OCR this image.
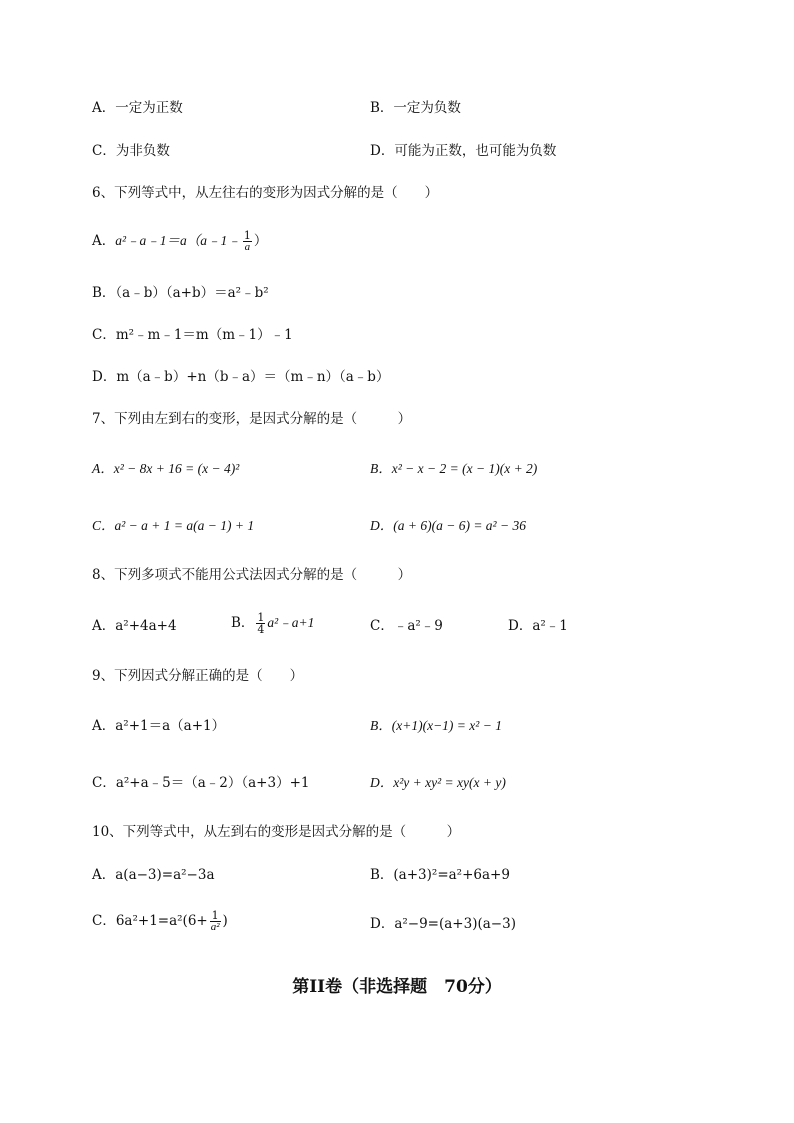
A．一定为正数	B．一定为负数
C．为非负数	D．可能为正数，也可能为负数
6、下列等式中，从左往右的变形为因式分解的是（　　）
A．a²﹣a﹣1＝a（a﹣1﹣ $\frac{1}{a}$ ）
B．（a﹣b）（a+b）＝a²﹣b²
C．m²﹣m﹣1＝m（m﹣1）﹣1
D．m（a﹣b）+n（b﹣a）＝（m﹣n）（a﹣b）
7、下列由左到右的变形，是因式分解的是（　　　）
A．x² − 8x + 16 = (x − 4)²	B．x² − x − 2 = (x − 1)(x + 2)
C．a² − a + 1 = a(a − 1) + 1	D．(a + 6)(a − 6) = a² − 36
8、下列多项式不能用公式法因式分解的是（　　　）
A．a²+4a+4	B． $\frac{1}{4}$ a²﹣a+1	C．﹣a²﹣9	D．a²﹣1
9、下列因式分解正确的是（　　）
A．a²+1＝a（a+1）	B．(x+1)(x−1) = x² − 1
C．a²+a﹣5＝（a﹣2）（a+3）+1	D．x²y + xy² = xy(x + y)
10、下列等式中，从左到右的变形是因式分解的是（　　　）
A．a(a−3)=a²−3a	B．(a+3)²=a²+6a+9
C．$6a^2+1=a^2(6+ \frac{1}{\text{a²}}$ )	D．a²−9=(a+3)(a−3)
第II卷（非选择题　70分）
